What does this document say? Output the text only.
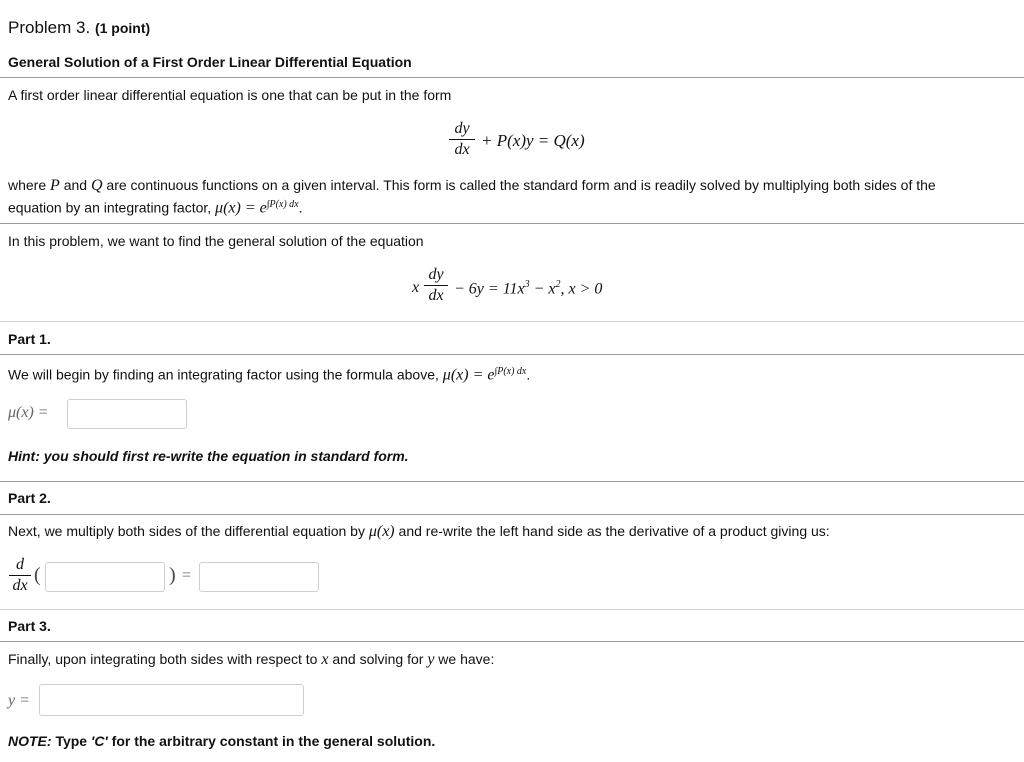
Problem 3. (1 point)
General Solution of a First Order Linear Differential Equation
A first order linear differential equation is one that can be put in the form
dy
dx + P(x)y = Q(x)
where P and Q are continuous functions on a given interval. This form is called the standard form and is readily solved by multiplying both sides of the
equation by an integrating factor, $\mu(x) = e^{\int P(x) dx}$.
In this problem, we want to find the general solution of the equation
x
dy
dx − $6y = 11x^3 - x^2$, x > 0
Part 1.
We will begin by finding an integrating factor using the formula above, $\mu(x) = e^{\int P(x) dx}$.
μ(x) =
Hint: you should first re-write the equation in standard form.
Part 2.
Next, we multiply both sides of the differential equation by μ(x) and re-write the left hand side as the derivative of a product giving us:
d
dx (	) =
Part 3.
Finally, upon integrating both sides with respect to x and solving for y we have:
y =
NOTE: Type 'C' for the arbitrary constant in the general solution.
